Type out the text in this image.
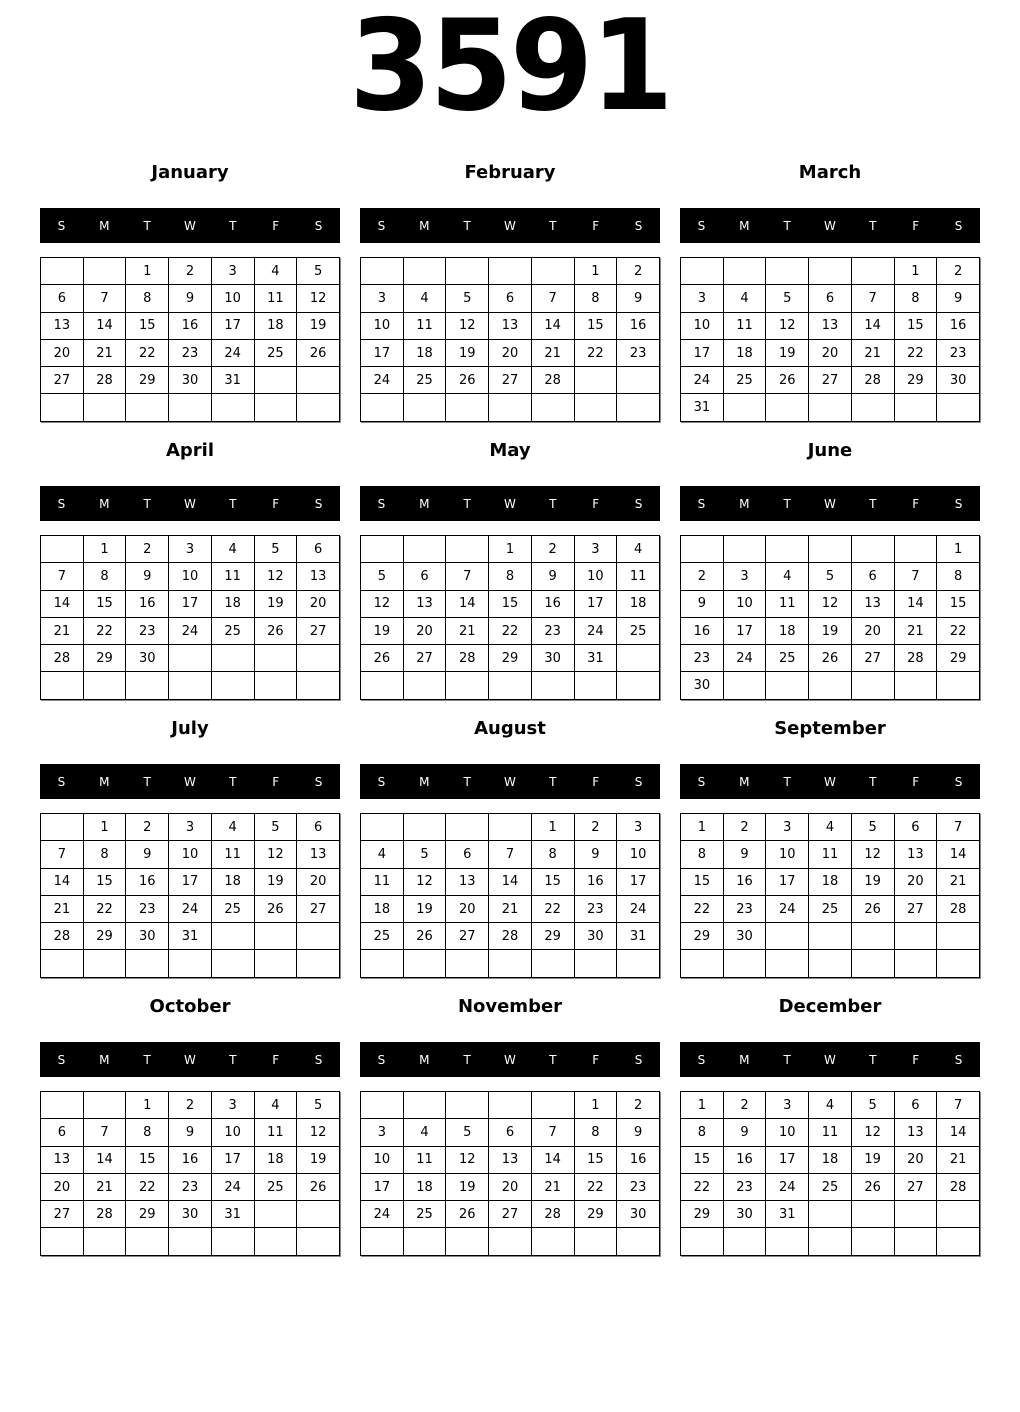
3591
January
S	M	T	W	T	F	S
		1	2	3	4	5
6	7	8	9	10	11	12
13	14	15	16	17	18	19
20	21	22	23	24	25	26
27	28	29	30	31		

February
S	M	T	W	T	F	S
					1	2
3	4	5	6	7	8	9
10	11	12	13	14	15	16
17	18	19	20	21	22	23
24	25	26	27	28		

March
S	M	T	W	T	F	S
					1	2
3	4	5	6	7	8	9
10	11	12	13	14	15	16
17	18	19	20	21	22	23
24	25	26	27	28	29	30
31						
April
S	M	T	W	T	F	S
	1	2	3	4	5	6
7	8	9	10	11	12	13
14	15	16	17	18	19	20
21	22	23	24	25	26	27
28	29	30				

May
S	M	T	W	T	F	S
			1	2	3	4
5	6	7	8	9	10	11
12	13	14	15	16	17	18
19	20	21	22	23	24	25
26	27	28	29	30	31	

June
S	M	T	W	T	F	S
						1
2	3	4	5	6	7	8
9	10	11	12	13	14	15
16	17	18	19	20	21	22
23	24	25	26	27	28	29
30						
July
S	M	T	W	T	F	S
	1	2	3	4	5	6
7	8	9	10	11	12	13
14	15	16	17	18	19	20
21	22	23	24	25	26	27
28	29	30	31			

August
S	M	T	W	T	F	S
				1	2	3
4	5	6	7	8	9	10
11	12	13	14	15	16	17
18	19	20	21	22	23	24
25	26	27	28	29	30	31

September
S	M	T	W	T	F	S
1	2	3	4	5	6	7
8	9	10	11	12	13	14
15	16	17	18	19	20	21
22	23	24	25	26	27	28
29	30					

October
S	M	T	W	T	F	S
		1	2	3	4	5
6	7	8	9	10	11	12
13	14	15	16	17	18	19
20	21	22	23	24	25	26
27	28	29	30	31		

November
S	M	T	W	T	F	S
					1	2
3	4	5	6	7	8	9
10	11	12	13	14	15	16
17	18	19	20	21	22	23
24	25	26	27	28	29	30

December
S	M	T	W	T	F	S
1	2	3	4	5	6	7
8	9	10	11	12	13	14
15	16	17	18	19	20	21
22	23	24	25	26	27	28
29	30	31				
